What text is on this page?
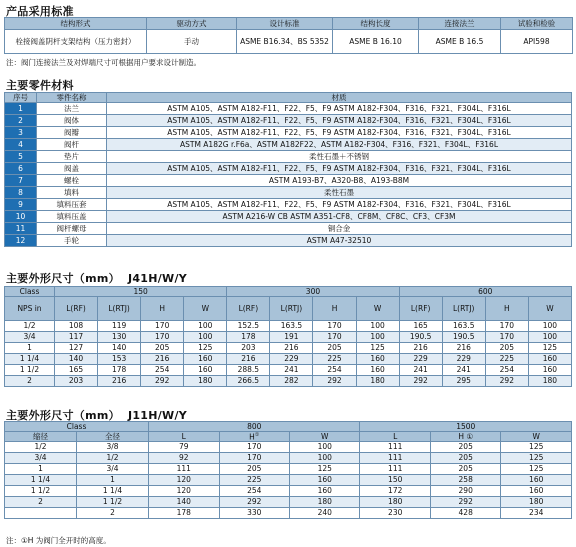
产品采用标准
结构形式	驱动方式	设计标准	结构长度	连接法兰	试验和检验
栓接阀盖阴杆支架结构（压力密封）	手动	ASME B16.34、BS 5352	ASME B 16.10	ASME B 16.5	API598
注：阀门连接法兰及对焊端尺寸可根据用户要求设计制造。
主要零件材料
序号	零件名称	材质
1	法兰	ASTM A105、ASTM A182-F11、F22、F5、F9 ASTM A182-F304、F316、F321、F304L、F316L
2	阀体	ASTM A105、ASTM A182-F11、F22、F5、F9 ASTM A182-F304、F316、F321、F304L、F316L
3	阀瓣	ASTM A105、ASTM A182-F11、F22、F5、F9 ASTM A182-F304、F316、F321、F304L、F316L
4	阀杆	ASTM A182G r.F6a、ASTM A182F22、ASTM A182-F304、F316、F321、F304L、F316L
5	垫片	柔性石墨＋不锈钢
6	阀盖	ASTM A105、ASTM A182-F11、F22、F5、F9 ASTM A182-F304、F316、F321、F304L、F316L
7	螺栓	ASTM A193-B7、A320-B8、A193-B8M
8	填料	柔性石墨
9	填料压套	ASTM A105、ASTM A182-F11、F22、F5、F9 ASTM A182-F304、F316、F321、F304L、F316L
10	填料压盖	ASTM A216-W CB ASTM A351-CF8、CF8M、CF8C、CF3、CF3M
11	阀杆螺母	铜合金
12	手轮	ASTM A47-32510
主要外形尺寸（mm） J41H/W/Y
Class	150				300				600			
NPS in	L(RF)	L(RTJ)	H	W	L(RF)	L(RTJ)	H	W	L(RF)	L(RTJ)	H	W
1/2	108	119	170	100	152.5	163.5	170	100	165	163.5	170	100
3/4	117	130	170	100	178	191	170	100	190.5	190.5	170	100
1	127	140	205	125	203	216	205	125	216	216	205	125
1 1/4	140	153	216	160	216	229	225	160	229	229	225	160
1 1/2	165	178	254	160	288.5	241	254	160	241	241	254	160
2	203	216	292	180	266.5	282	292	180	292	295	292	180
主要外形尺寸（mm） J11H/W/Y
Class		800			1500		
缩径	全径	L	H①	W	L	H ①	W
1/2	3/8	79	170	100	111	205	125
3/4	1/2	92	170	100	111	205	125
1	3/4	111	205	125	111	205	125
1 1/4	1	120	225	160	150	258	160
1 1/2	1 1/4	120	254	160	172	290	160
2	1 1/2	140	292	180	180	292	180
	2	178	330	240	230	428	234
注：①H 为阀门全开时的高度。
